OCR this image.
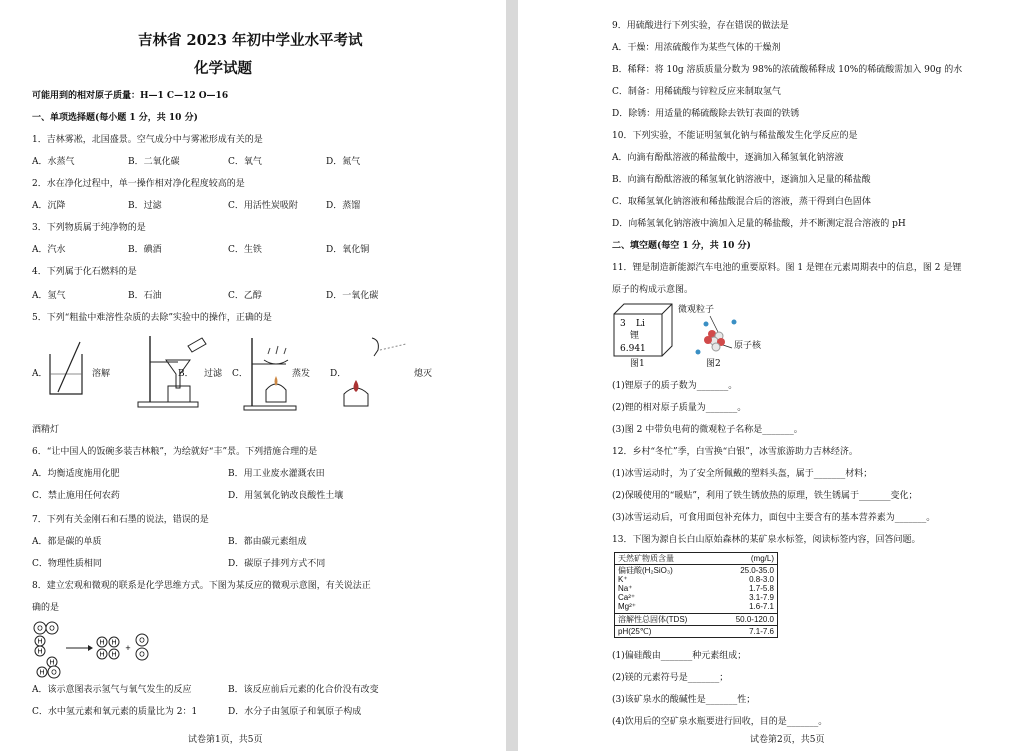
吉林省 2023 年初中学业水平考试
化学试题
可能用到的相对原子质量：H—1 C—12 O—16
一、单项选择题(每小题 1 分，共 10 分)
1．吉林雾凇，北国盛景。空气成分中与雾凇形成有关的是
A．水蒸气	B．二氧化碳	C．氧气	D．氮气
2．水在净化过程中，单一操作相对净化程度较高的是
A．沉降	B．过滤	C．用活性炭吸附	D．蒸馏
3．下列物质属于纯净物的是
A．汽水	B．碘酒	C．生铁	D．氧化铜
4．下列属于化石燃料的是
A．氢气	B．石油	C．乙醇	D．一氧化碳
5．下列“粗盐中难溶性杂质的去除”实验中的操作，正确的是
A．	溶解	B． 过滤 C．	蒸发 D．	熄灭
酒精灯
6．“让中国人的饭碗多装吉林粮”，为绘就好“丰”景。下列措施合理的是
A．均衡适度施用化肥	B．用工业废水灌溉农田
C．禁止施用任何农药	D．用氢氧化钠改良酸性土壤
7．下列有关金刚石和石墨的说法，错误的是
A．都是碳的单质	B．都由碳元素组成
C．物理性质相同	D．碳原子排列方式不同
8．建立宏观和微观的联系是化学思维方式。下图为某反应的微观示意图，有关说法正
确的是
O O
H
H
H
H O
H H
H H
+
O
O
A．该示意图表示氢气与氧气发生的反应	B．该反应前后元素的化合价没有改变
C．水中氢元素和氧元素的质量比为 2：1	D．水分子由氢原子和氧原子构成
试卷第1页，共5页
9．用硫酸进行下列实验，存在错误的做法是
A．干燥：用浓硫酸作为某些气体的干燥剂
B．稀释：将 10g 溶质质量分数为 98%的浓硫酸稀释成 10%的稀硫酸需加入 90g 的水
C．制备：用稀硫酸与锌粒反应来制取氢气
D．除锈：用适量的稀硫酸除去铁钉表面的铁锈
10．下列实验，不能证明氢氧化钠与稀盐酸发生化学反应的是
A．向滴有酚酞溶液的稀盐酸中，逐滴加入稀氢氧化钠溶液
B．向滴有酚酞溶液的稀氢氧化钠溶液中，逐滴加入足量的稀盐酸
C．取稀氢氧化钠溶液和稀盐酸混合后的溶液，蒸干得到白色固体
D．向稀氢氧化钠溶液中滴加入足量的稀盐酸，并不断测定混合溶液的 pH
二、填空题(每空 1 分，共 10 分)
11．锂是制造新能源汽车电池的重要原料。图 1 是锂在元素周期表中的信息，图 2 是锂
原子的构成示意图。
3 Li
锂
6.941
图1
微观粒子
原子核
图2
(1)锂原子的质子数为_______。
(2)锂的相对原子质量为_______。
(3)图 2 中带负电荷的微观粒子名称是_______。
12．乡村“冬忙”季，白雪换“白银”，冰雪旅游助力吉林经济。
(1)冰雪运动时，为了安全所佩戴的塑料头盔，属于_______材料；
(2)保暖使用的“暖贴”，利用了铁生锈放热的原理，铁生锈属于_______变化；
(3)冰雪运动后，可食用面包补充体力，面包中主要含有的基本营养素为_______。
13．下图为源自长白山原始森林的某矿泉水标签，阅读标签内容，回答问题。
天然矿物质含量	(mg/L)
偏硅酸(H₂SiO₃)	25.0-35.0
K⁺	0.8-3.0
Na⁺	1.7-5.8
Ca²⁺	3.1-7.9
Mg²⁺	1.6-7.1
溶解性总固体(TDS)	50.0-120.0
pH(25℃)	7.1-7.6
(1)偏硅酸由_______种元素组成；
(2)镁的元素符号是_______；
(3)该矿泉水的酸碱性是_______性；
(4)饮用后的空矿泉水瓶要进行回收，目的是_______。
试卷第2页，共5页
